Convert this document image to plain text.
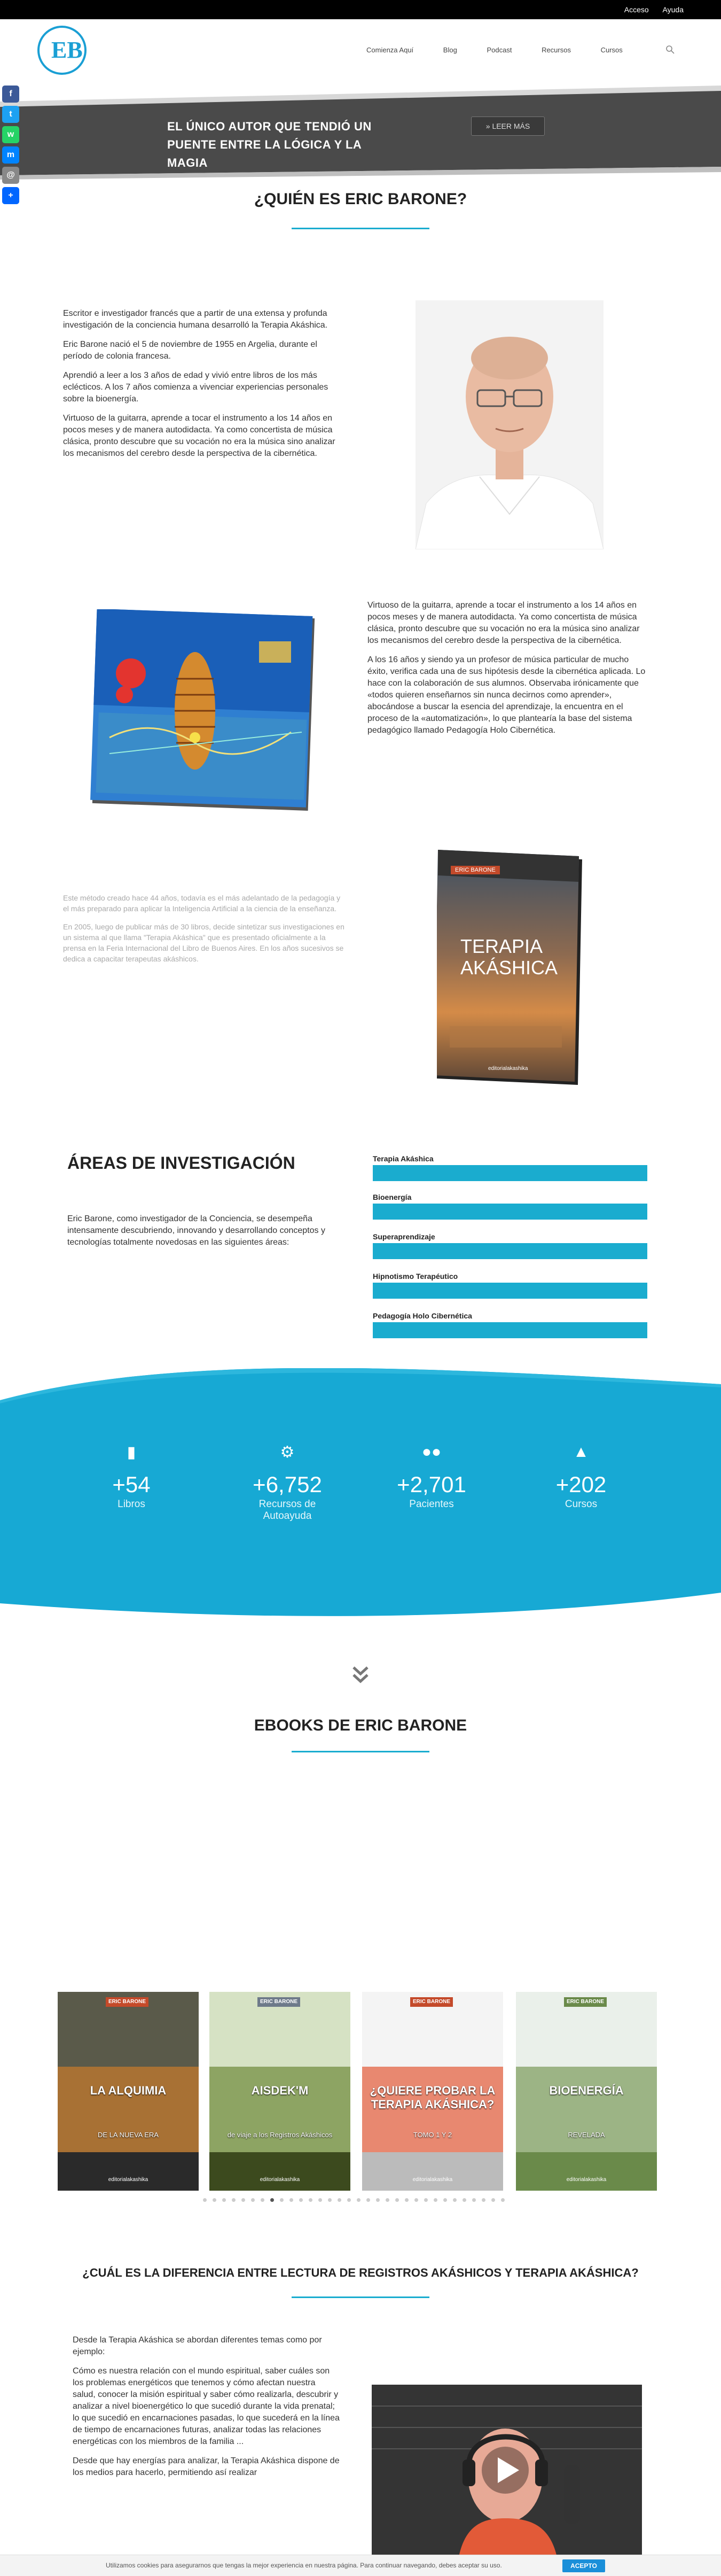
Acceso Ayuda
EB	Comienza Aquí	Blog	Podcast	Recursos	Cursos
EL ÚNICO AUTOR QUE TENDIÓ UN PUENTE ENTRE LA LÓGICA Y LA MAGIA
» LEER MÁS
f
t
w
m
@
+	¿QUIÉN ES ERIC BARONE?

Escritor e investigador francés que a partir de una extensa y profunda investigación de la conciencia humana desarrolló la Terapia Akáshica.

Eric Barone nació el 5 de noviembre de 1955 en Argelia, durante el período de colonia francesa.

Aprendió a leer a los 3 años de edad y vivió entre libros de los más eclécticos. A los 7 años comienza a vivenciar experiencias personales sobre la bioenergía.

Virtuoso de la guitarra, aprende a tocar el instrumento a los 14 años en pocos meses y de manera autodidacta. Ya como concertista de música clásica, pronto descubre que su vocación no era la música sino analizar los mecanismos del cerebro desde la perspectiva de la cibernética.

Virtuoso de la guitarra, aprende a tocar el instrumento a los 14 años en pocos meses y de manera autodidacta. Ya como concertista de música clásica, pronto descubre que su vocación no era la música sino analizar los mecanismos del cerebro desde la perspectiva de la cibernética.

A los 16 años y siendo ya un profesor de música particular de mucho éxito, verifica cada una de sus hipótesis desde la cibernética aplicada. Lo hace con la colaboración de sus alumnos. Observaba irónicamente que «todos quieren enseñarnos sin nunca decirnos como aprender», abocándose a buscar la esencia del aprendizaje, la encuentra en el proceso de la «automatización», lo que plantearía la base del sistema pedagógico llamado Pedagogía Holo Cibernética.

Este método creado hace 44 años, todavía es el más adelantado de la pedagogía y el más preparado para aplicar la Inteligencia Artificial a la ciencia de la enseñanza.

En 2005, luego de publicar más de 30 libros, decide sintetizar sus investigaciones en un sistema al que llama "Terapia Akáshica" que es presentado oficialmente a la prensa en la Feria Internacional del Libro de Buenos Aires. En los años sucesivos se dedica a capacitar terapeutas akáshicos.

ERIC BARONE
TERAPIA
AKÁSHICA
editorialakashika
ÁREAS DE INVESTIGACIÓN
Eric Barone, como investigador de la Conciencia, se desempeña intensamente descubriendo, innovando y desarrollando conceptos y tecnologías totalmente novedosas en las siguientes áreas:
Terapia Akáshica
Bioenergía
Superaprendizaje
Hipnotismo Terapéutico
Pedagogía Holo Cibernética
▮
+54
Libros
⚙
+6,752
Recursos de Autoayuda
●●
+2,701
Pacientes
▲
+202
Cursos
EBOOKS DE ERIC BARONE
ERIC BARONE
LA ALQUIMIA
DE LA NUEVA ERA
editorialakashika
ERIC BARONE
AISDEK'M
de viaje a los Registros Akáshicos
editorialakashika
ERIC BARONE
¿QUIERE PROBAR LA TERAPIA AKÁSHICA?
TOMO 1 Y 2
editorialakashika
ERIC BARONE
BIOENERGÍA
REVELADA
editorialakashika
¿CUÁL ES LA DIFERENCIA ENTRE LECTURA DE REGISTROS AKÁSHICOS Y TERAPIA AKÁSHICA?

Desde la Terapia Akáshica se abordan diferentes temas como por ejemplo:

Cómo es nuestra relación con el mundo espiritual, saber cuáles son los problemas energéticos que tenemos y cómo afectan nuestra salud, conocer la misión espiritual y saber cómo realizarla, descubrir y analizar a nivel bioenergético lo que sucedió durante la vida prenatal; lo que sucedió en encarnaciones pasadas, lo que sucederá en la línea de tiempo de encarnaciones futuras, analizar todas las relaciones energéticas con los miembros de la familia ...

Desde que hay energías para analizar, la Terapia Akáshica dispone de los medios para hacerlo, permitiendo así realizar

Utilizamos cookies para asegurarnos que tengas la mejor experiencia en nuestra página. Para continuar navegando, debes aceptar su uso.	ACEPTO
